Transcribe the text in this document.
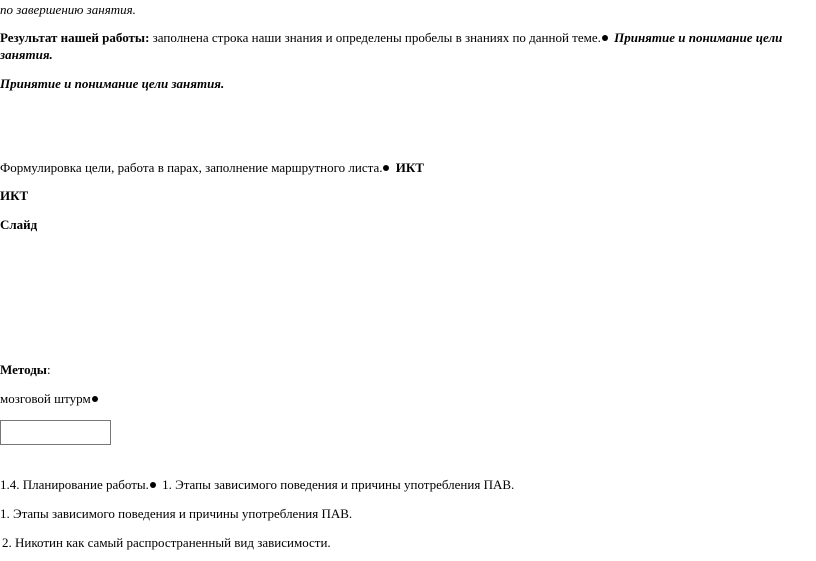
по завершению занятия.
Результат нашей работы: заполнена строка наши знания и определены пробелы в знаниях по данной теме. Принятие и понимание цели
занятия.
Принятие и понимание цели занятия.
Формулировка цели, работа в парах, заполнение маршрутного листа. ИКТ
ИКТ
Слайд
Методы:
мозговой штурм
1.4. Планирование работы. 1. Этапы зависимого поведения и причины употребления ПАВ.
1. Этапы зависимого поведения и причины употребления ПАВ.
2. Никотин как самый распространенный вид зависимости.
